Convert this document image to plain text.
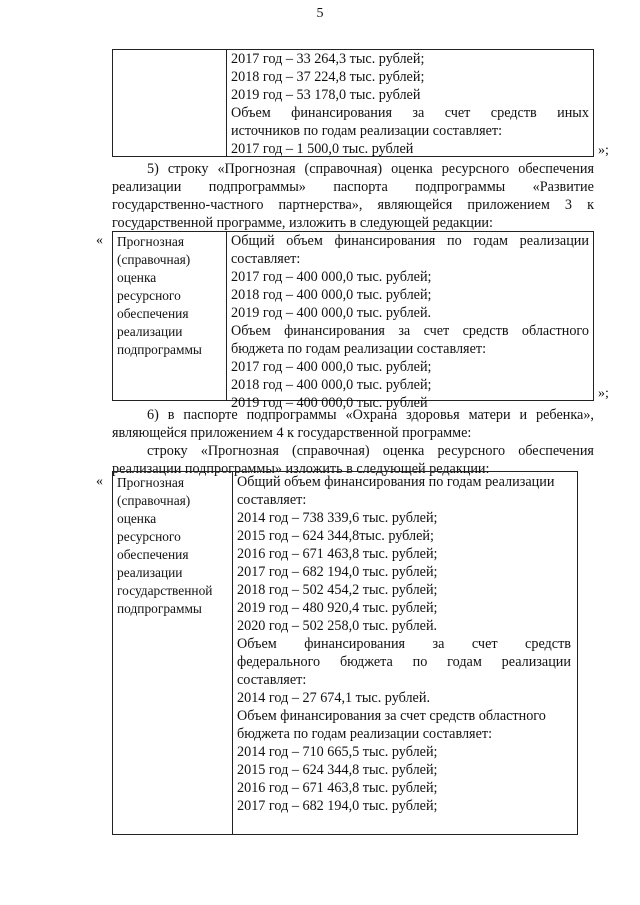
5
2017 год – 33 264,3 тыс. рублей;
2018 год – 37 224,8 тыс. рублей;
2019 год – 53 178,0 тыс. рублей
Объем финансирования за счет средств иных
источников по годам реализации составляет:
2017 год – 1 500,0 тыс. рублей	»;
5) строку «Прогнозная (справочная) оценка ресурсного обеспечения
реализации подпрограммы» паспорта подпрограммы «Развитие
государственно-частного партнерства», являющейся приложением 3 к
государственной программе, изложить в следующей редакции:
« Прогнозная
(справочная)
оценка
ресурсного
обеспечения
реализации
подпрограммы
Общий объем финансирования по годам реализации
составляет:
2017 год – 400 000,0 тыс. рублей;
2018 год – 400 000,0 тыс. рублей;
2019 год – 400 000,0 тыс. рублей.
Объем финансирования за счет средств областного
бюджета по годам реализации составляет:
2017 год – 400 000,0 тыс. рублей;
2018 год – 400 000,0 тыс. рублей;
2019 год – 400 000,0 тыс. рублей
»;
6) в паспорте подпрограммы «Охрана здоровья матери и ребенка»,
являющейся приложением 4 к государственной программе:
строку «Прогнозная (справочная) оценка ресурсного обеспечения
реализации подпрограммы» изложить в следующей редакции:
« Прогнозная
(справочная)
оценка
ресурсного
обеспечения
реализации
государственной
подпрограммы
Общий объем финансирования по годам реализации
составляет:
2014 год – 738 339,6 тыс. рублей;
2015 год – 624 344,8тыс. рублей;
2016 год – 671 463,8 тыс. рублей;
2017 год – 682 194,0 тыс. рублей;
2018 год – 502 454,2 тыс. рублей;
2019 год – 480 920,4 тыс. рублей;
2020 год – 502 258,0 тыс. рублей.
Объем финансирования за счет средств
федерального бюджета по годам реализации
составляет:
2014 год – 27 674,1 тыс. рублей.
Объем финансирования за счет средств областного
бюджета по годам реализации составляет:
2014 год – 710 665,5 тыс. рублей;
2015 год – 624 344,8 тыс. рублей;
2016 год – 671 463,8 тыс. рублей;
2017 год – 682 194,0 тыс. рублей;
